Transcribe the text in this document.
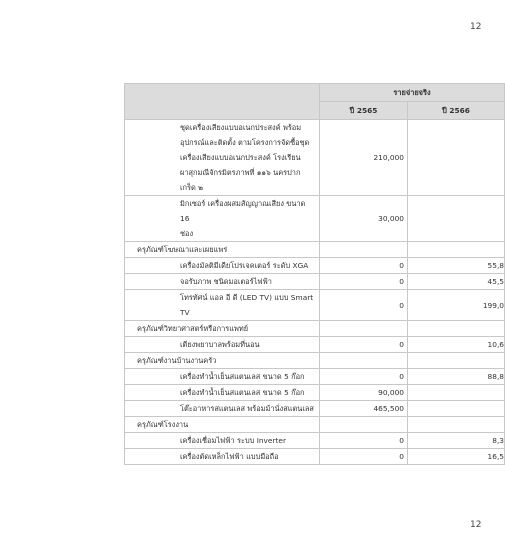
12
	รายจ่ายจริง	
	ปี 2565	ปี 2566

ชุดเครื่องเสียงแบบอเนกประสงค์ พร้อม
อุปกรณ์และติดตั้ง ตามโครงการจัดซื้อชุด
เครื่องเสียงแบบอเนกประสงค์ โรงเรียน
ผาสุกมณีจักรมิตรภาพที่ ๑๑๖ นครปาก
เกร็ด ๒	210,000	

มิกเซอร์ เครื่องผสมสัญญาณเสียง ขนาด 16
ช่อง	30,000	

ครุภัณฑ์โฆษณาและเผยแพร่		

เครื่องมัลติมีเดียโปรเจคเตอร์ ระดับ XGA	0	55,8

จอรับภาพ ชนิดมอเตอร์ไฟฟ้า	0	45,5

โทรทัศน์ แอล อี ดี (LED TV) แบบ Smart
TV	0	199,0

ครุภัณฑ์วิทยาศาสตร์หรือการแพทย์		

เตียงพยาบาลพร้อมที่นอน	0	10,6

ครุภัณฑ์งานบ้านงานครัว		

เครื่องทำน้ำเย็นสแตนเลส ขนาด 5 ก๊อก	0	88,8

เครื่องทำน้ำเย็นสแตนเลส ขนาด 5 ก๊อก	90,000	

โต๊ะอาหารสแตนเลส พร้อมม้านั่งสแตนเลส	465,500	

ครุภัณฑ์โรงงาน		

เครื่องเชื่อมไฟฟ้า ระบบ Inverter	0	8,3

เครื่องตัดเหล็กไฟฟ้า แบบมือถือ	0	16,5
12
